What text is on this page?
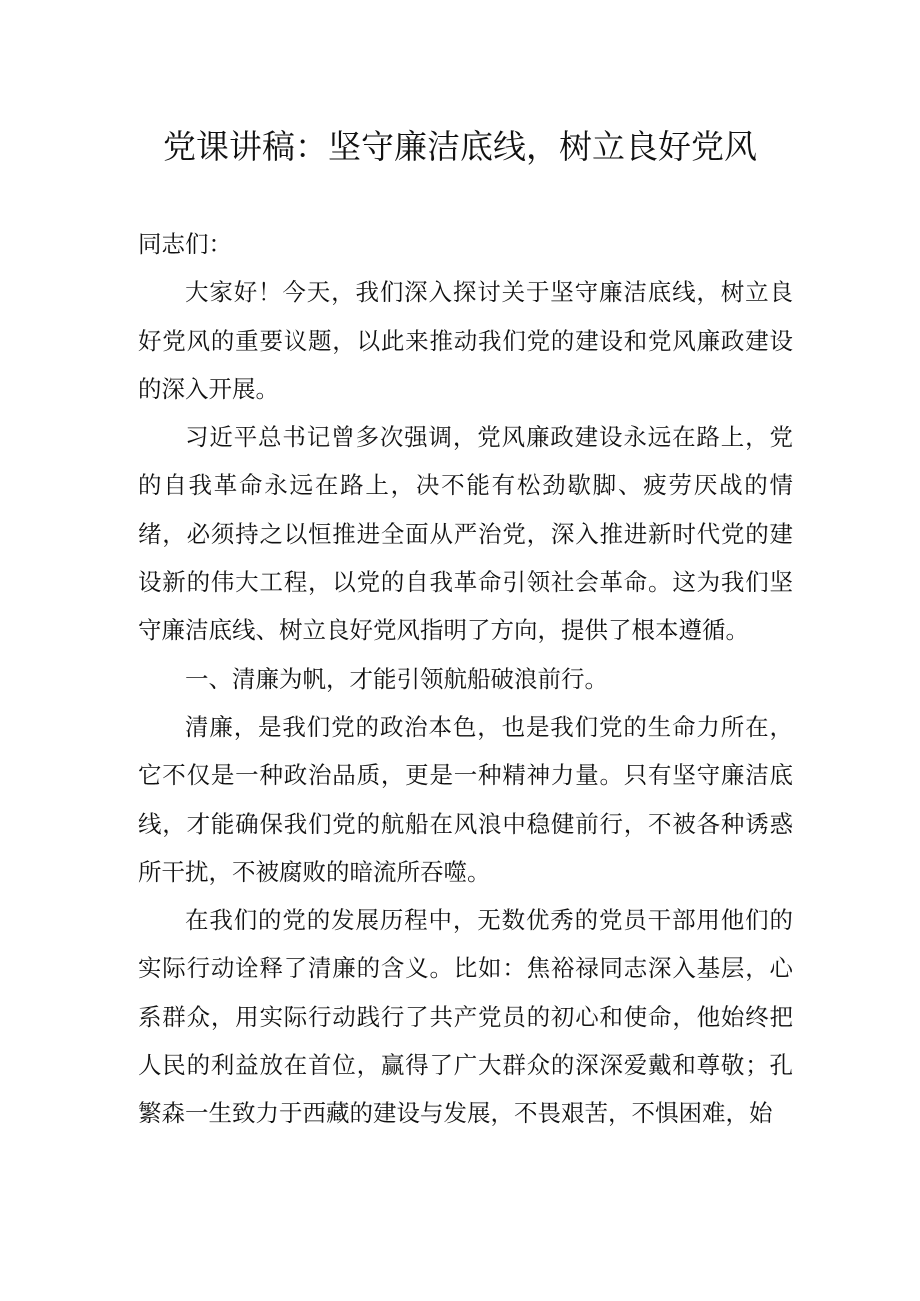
党课讲稿：坚守廉洁底线，树立良好党风

同志们：

大家好！今天，我们深入探讨关于坚守廉洁底线，树立良好党风的重要议题，以此来推动我们党的建设和党风廉政建设的深入开展。

习近平总书记曾多次强调，党风廉政建设永远在路上，党的自我革命永远在路上，决不能有松劲歇脚、疲劳厌战的情绪，必须持之以恒推进全面从严治党，深入推进新时代党的建设新的伟大工程，以党的自我革命引领社会革命。这为我们坚守廉洁底线、树立良好党风指明了方向，提供了根本遵循。

一、清廉为帆，才能引领航船破浪前行。

清廉，是我们党的政治本色，也是我们党的生命力所在，它不仅是一种政治品质，更是一种精神力量。只有坚守廉洁底线，才能确保我们党的航船在风浪中稳健前行，不被各种诱惑所干扰，不被腐败的暗流所吞噬。

在我们的党的发展历程中，无数优秀的党员干部用他们的实际行动诠释了清廉的含义。比如：焦裕禄同志深入基层，心系群众，用实际行动践行了共产党员的初心和使命，他始终把人民的利益放在首位，赢得了广大群众的深深爱戴和尊敬；孔繁森一生致力于西藏的建设与发展，不畏艰苦，不惧困难，始
